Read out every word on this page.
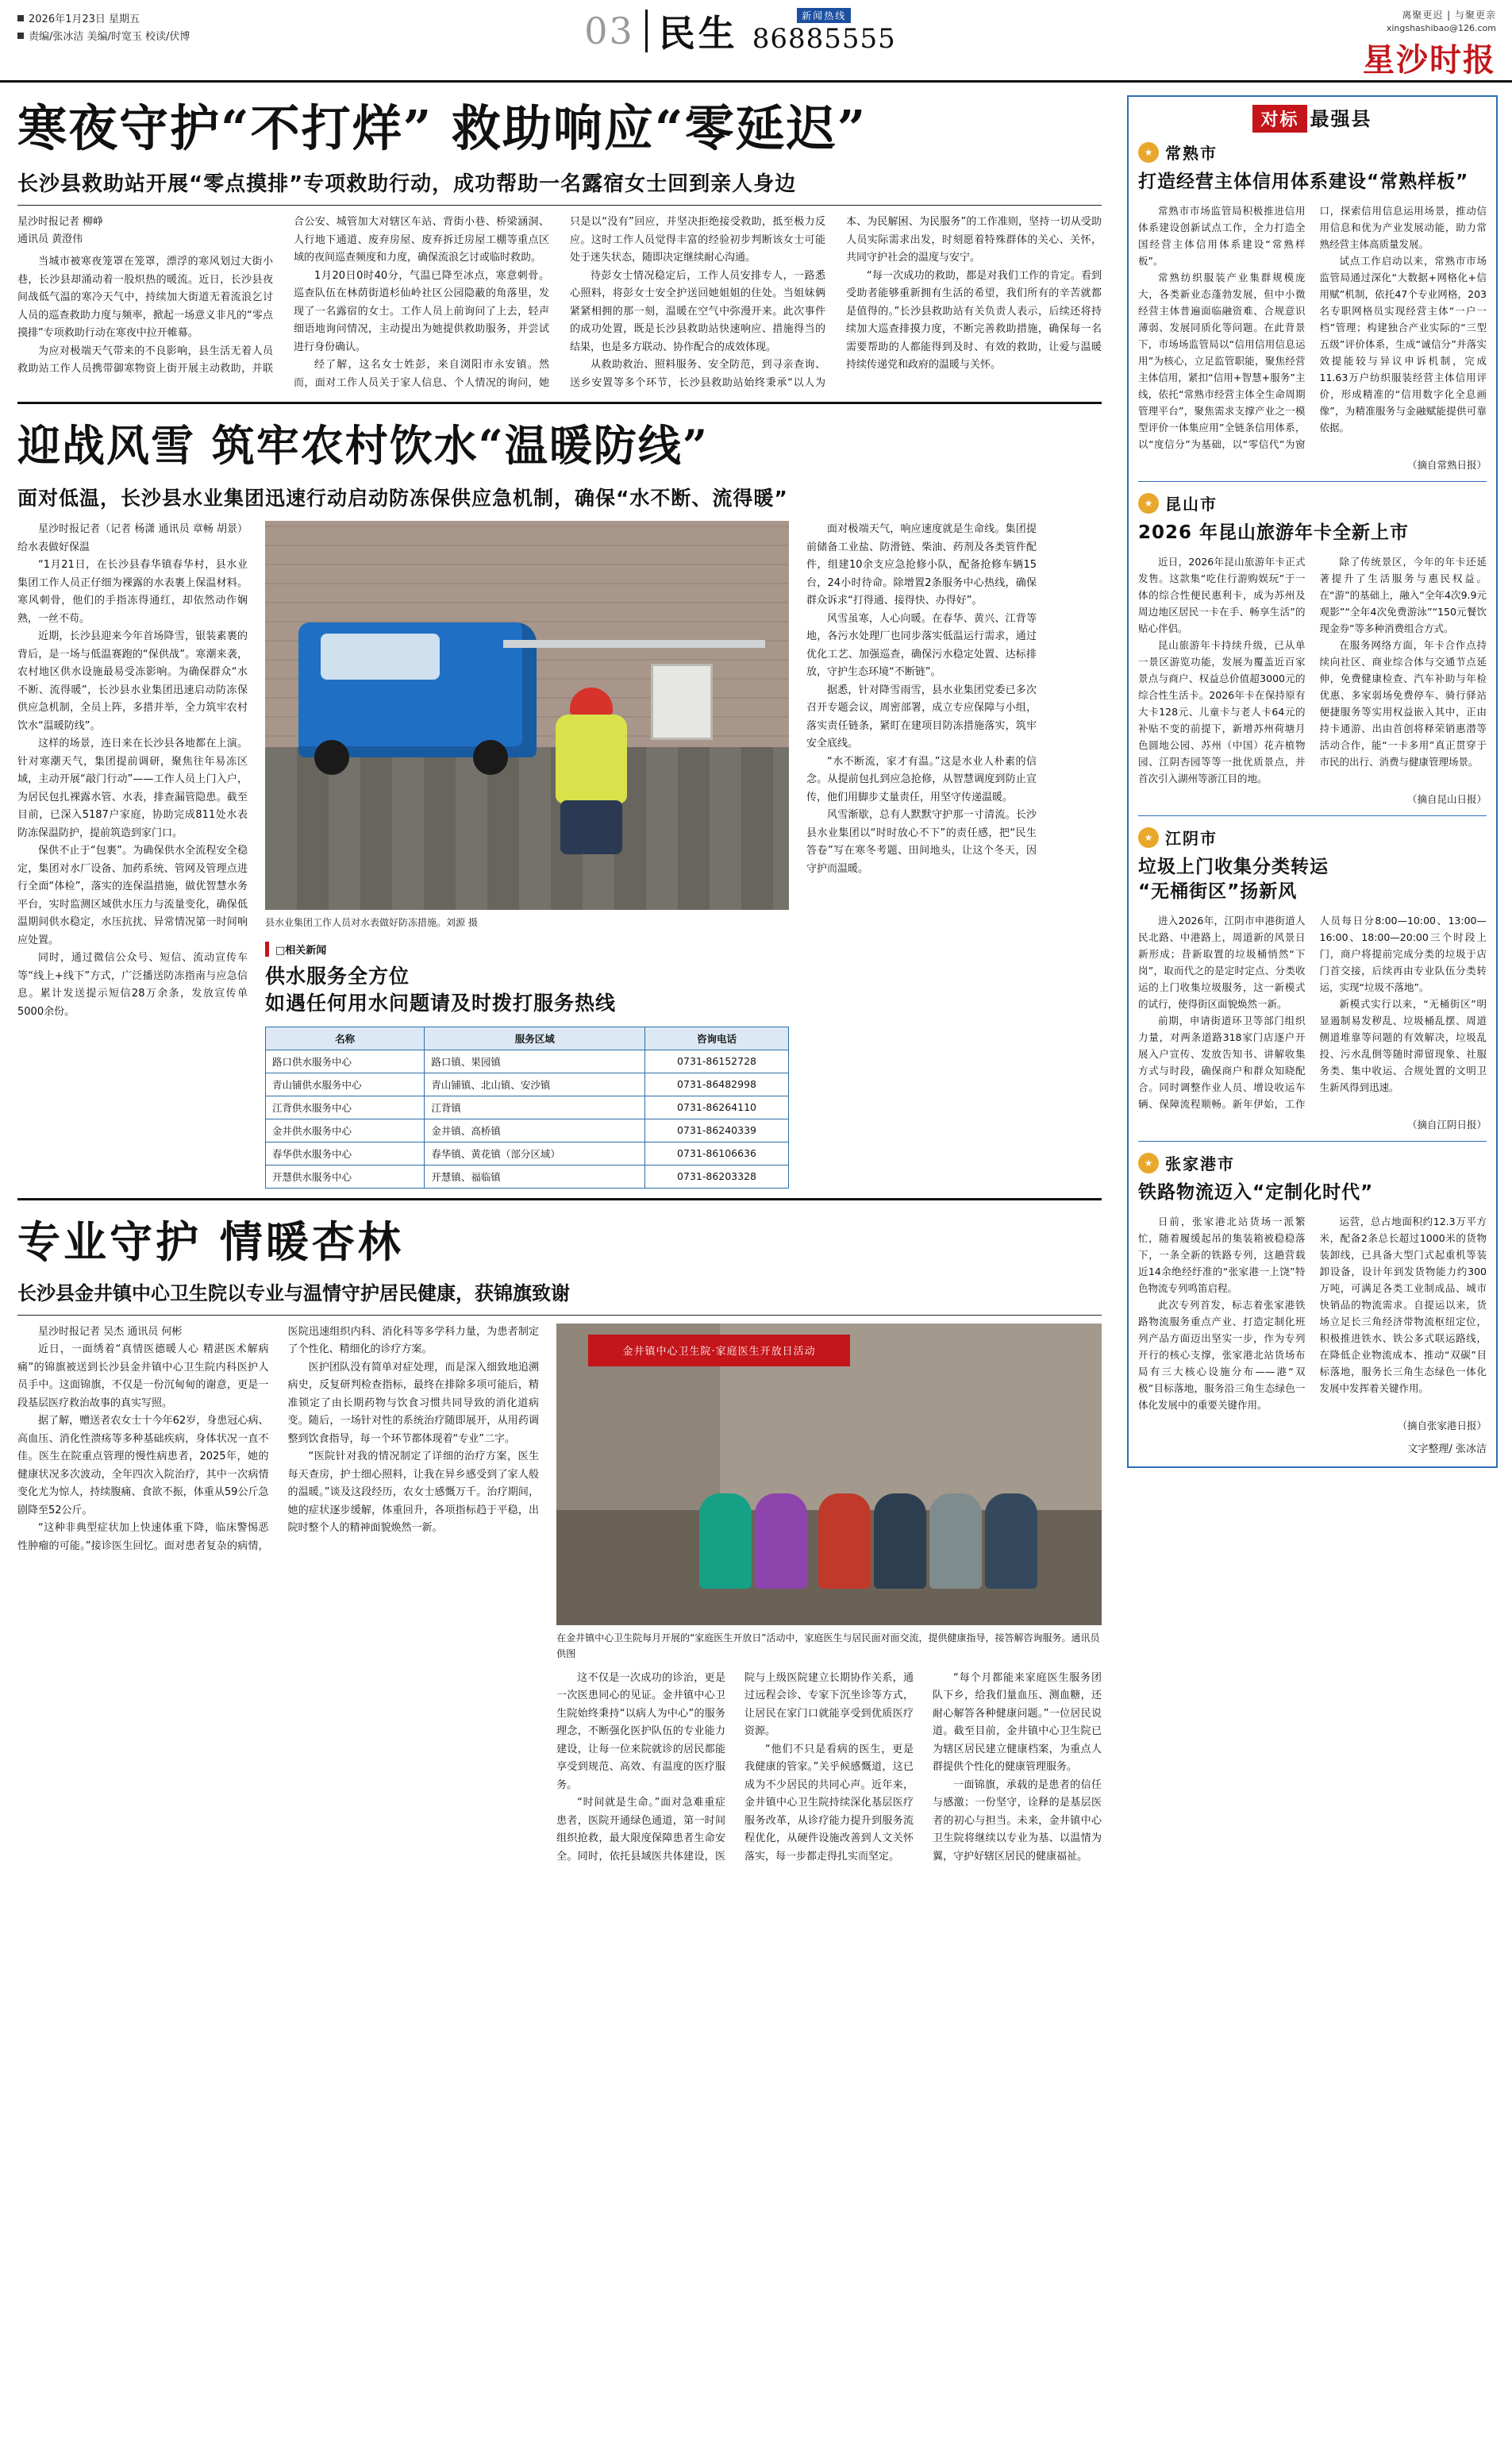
2026年1月23日 星期五
责编/张冰洁 美编/时宽玉 校读/伏博	03 民生	新闻热线
86885555
离聚更迟 | 与聚更亲
xingshashibao@126.com
星沙时报
寒夜守护“不打烊” 救助响应“零延迟”
长沙县救助站开展“零点摸排”专项救助行动，成功帮助一名露宿女士回到亲人身边
星沙时报记者 柳峥
通讯员 黄澄伟

当城市被寒夜笼罩在笼罩，漂浮的寒风划过大街小巷，长沙县却涌动着一股炽热的暖流。近日，长沙县夜间战低气温的寒冷天气中，持续加大街道无着流浪乞讨人员的巡查救助力度与频率，掀起一场意义非凡的“零点摸排”专项救助行动在寒夜中拉开帷幕。

为应对极端天气带来的不良影响，县生活无着人员救助站工作人员携带御寒物资上街开展主动救助，并联合公安、城管加大对辖区车站、背街小巷、桥梁涵洞、人行地下通道、废弃房屋、废弃拆迁房屋工棚等重点区域的夜间巡查频度和力度，确保流浪乞讨或临时救助。

1月20日0时40分，气温已降至冰点，寒意刺骨。巡查队伍在林荫街道杉仙岭社区公园隐蔽的角落里，发现了一名露宿的女士。工作人员上前询问了上去，轻声细语地询问情况，主动提出为她提供救助服务，并尝试进行身份确认。

经了解，这名女士姓彭，来自浏阳市永安镇。然而，面对工作人员关于家人信息、个人情况的询问，她只是以“没有”回应，并坚决拒绝接受救助，抵至极力反应。这时工作人员觉得丰富的经验初步判断该女士可能处于迷失状态，随即决定继续耐心沟通。

待彭女士情况稳定后，工作人员安排专人，一路悉心照料，将彭女士安全护送回她姐姐的住处。当姐妹俩紧紧相拥的那一刻，温暖在空气中弥漫开来。此次事件的成功处置，既是长沙县救助站快速响应、措施得当的结果，也是多方联动、协作配合的成效体现。

从救助救治、照料服务、安全防范，到寻亲查询、送乡安置等多个环节，长沙县救助站始终秉承“以人为本、为民解困、为民服务”的工作准则，坚持一切从受助人员实际需求出发，时刻愿着特殊群体的关心、关怀，共同守护社会的温度与安宁。

“每一次成功的救助，都是对我们工作的肯定。看到受助者能够重新拥有生活的希望，我们所有的辛苦就都是值得的。”长沙县救助站有关负责人表示，后续还将持续加大巡查排摸力度，不断完善救助措施，确保每一名需要帮助的人都能得到及时、有效的救助，让爱与温暖持续传递党和政府的温暖与关怀。

迎战风雪 筑牢农村饮水“温暖防线”
面对低温，长沙县水业集团迅速行动启动防冻保供应急机制，确保“水不断、流得暖”

星沙时报记者（记者 杨潇 通讯员 章畅 胡景）给水表做好保温

“1月21日，在长沙县春华镇春华村，县水业集团工作人员正仔细为裸露的水表裹上保温材料。寒风刺骨，他们的手指冻得通红，却依然动作娴熟，一丝不苟。

近期，长沙县迎来今年首场降雪，银装素裹的背后，是一场与低温赛跑的“保供战”。寒潮来袭，农村地区供水设施最易受冻影响。为确保群众“水不断、流得暖”，长沙县水业集团迅速启动防冻保供应急机制，全员上阵，多措并举，全力筑牢农村饮水“温暖防线”。

这样的场景，连日来在长沙县各地都在上演。针对寒潮天气，集团提前调研，聚焦往年易冻区域，主动开展“敲门行动”——工作人员上门入户，为居民包扎裸露水管、水表，排查漏管隐患。截至目前，已深入5187户家庭，协助完成811处水表防冻保温防护，提前筑造到家门口。

保供不止于“包裹”。为确保供水全流程安全稳定，集团对水厂设备、加药系统、管网及管理点进行全面“体检”，落实的连保温措施，做优智慧水务平台，实时监测区域供水压力与流量变化，确保低温期间供水稳定，水压抗扰、异常情况第一时间响应处置。

同时，通过微信公众号、短信、流动宣传车等“线上+线下”方式，广泛播送防冻指南与应急信息。累计发送提示短信28万余条，发放宣传单5000余份。

县水业集团工作人员对水表做好防冻措施。刘源 摄
□相关新闻
供水服务全方位
如遇任何用水问题请及时拨打服务热线
名称	服务区域	咨询电话
路口供水服务中心	路口镇、果园镇	0731-86152728
青山铺供水服务中心	青山铺镇、北山镇、安沙镇	0731-86482998
江背供水服务中心	江背镇	0731-86264110
金井供水服务中心	金井镇、高桥镇	0731-86240339
春华供水服务中心	春华镇、黄花镇（部分区域）	0731-86106636
开慧供水服务中心	开慧镇、福临镇	0731-86203328

面对极端天气，响应速度就是生命线。集团提前储备工业盐、防滑链、柴油、药剂及各类管件配件，组建10余支应急抢修小队，配备抢修车辆15台，24小时待命。除增置2条服务中心热线，确保群众诉求“打得通、接得快、办得好”。

风雪虽寒，人心向暖。在春华、黄兴、江背等地，各污水处理厂也同步落实低温运行需求，通过优化工艺、加强巡查，确保污水稳定处置、达标排放，守护生态环境“不断链”。

据悉，针对降雪雨雪，县水业集团党委已多次召开专题会议，周密部署，成立专应保障与小组，落实责任链条，紧盯在建项目防冻措施落实，筑牢安全底线。

“水不断流，家才有温。”这是水业人朴素的信念。从提前包扎到应急抢修，从智慧调度到防止宣传，他们用脚步丈量责任，用坚守传递温暖。

风雪渐歇，总有人默默守护那一寸清流。长沙县水业集团以“时时放心不下”的责任感，把“民生答卷”写在寒冬考题、田间地头，让这个冬天，因守护而温暖。

专业守护 情暖杏林
长沙县金井镇中心卫生院以专业与温情守护居民健康，获锦旗致谢

星沙时报记者 吴杰 通讯员 何彬

近日，一面绣着“真情医德暖人心 精湛医术解病痛”的锦旗被送到长沙县金井镇中心卫生院内科医护人员手中。这面锦旗，不仅是一份沉甸甸的谢意，更是一段基层医疗救治故事的真实写照。

据了解，赠送者农女士十今年62岁，身患冠心病、高血压、消化性溃疡等多种基础疾病，身体状况一直不佳。医生在院重点管理的慢性病患者，2025年，她的健康状况多次波动，全年四次入院治疗，其中一次病情变化尤为惊人，持续腹痛、食欲不振，体重从59公斤急剧降至52公斤。

“这种非典型症状加上快速体重下降，临床警惕恶性肿瘤的可能。”接诊医生回忆。面对患者复杂的病情，医院迅速组织内科、消化科等多学科力量，为患者制定了个性化、精细化的诊疗方案。

医护团队没有简单对症处理，而是深入细致地追溯病史，反复研判检查指标，最终在排除多项可能后，精准锁定了由长期药物与饮食习惯共同导致的消化道病变。随后，一场针对性的系统治疗随即展开，从用药调整到饮食指导，每一个环节都体现着“专业”二字。

“医院针对我的情况制定了详细的治疗方案，医生每天查房，护士细心照料，让我在异乡感受到了家人般的温暖。”谈及这段经历，农女士感慨万千。治疗期间，她的症状逐步缓解，体重回升，各项指标趋于平稳，出院时整个人的精神面貌焕然一新。

金井镇中心卫生院·家庭医生开放日活动
在金井镇中心卫生院每月开展的“家庭医生开放日”活动中，家庭医生与居民面对面交流，提供健康指导，接答解咨询服务。通讯员 供图

这不仅是一次成功的诊治，更是一次医患同心的见证。金井镇中心卫生院始终秉持“以病人为中心”的服务理念，不断强化医护队伍的专业能力建设，让每一位来院就诊的居民都能享受到规范、高效、有温度的医疗服务。

“时间就是生命。”面对急难重症患者，医院开通绿色通道，第一时间组织抢救，最大限度保障患者生命安全。同时，依托县域医共体建设，医院与上级医院建立长期协作关系，通过远程会诊、专家下沉坐诊等方式，让居民在家门口就能享受到优质医疗资源。

“他们不只是看病的医生，更是我健康的管家。”关乎候感慨道，这已成为不少居民的共同心声。近年来，金井镇中心卫生院持续深化基层医疗服务改革，从诊疗能力提升到服务流程优化，从硬件设施改善到人文关怀落实，每一步都走得扎实而坚定。

“每个月都能来家庭医生服务团队下乡，给我们量血压、测血糖，还耐心解答各种健康问题。”一位居民说道。截至目前，金井镇中心卫生院已为辖区居民建立健康档案，为重点人群提供个性化的健康管理服务。

一面锦旗，承载的是患者的信任与感激；一份坚守，诠释的是基层医者的初心与担当。未来，金井镇中心卫生院将继续以专业为基、以温情为翼，守护好辖区居民的健康福祉。

对标 最强县
★ 常熟市
打造经营主体信用体系建设“常熟样板”

常熟市市场监管局积极推进信用体系建设创新试点工作，全力打造全国经营主体信用体系建设“常熟样板”。

常熟纺织服装产业集群规模庞大，各类新业态蓬勃发展，但中小微经营主体普遍面临融资难、合规意识薄弱、发展同质化等问题。在此背景下，市场场监管局以“信用信用信息运用”为核心，立足监管职能，聚焦经营主体信用，紧扣“信用+智慧+服务”主线，依托“常熟市经营主体全生命周期管理平台”，聚焦需求支撑产业之一模型评价一体集应用”全链条信用体系，以“度信分”为基础，以“零信代”为窗口，探索信用信息运用场景，推动信用信息和优为产业发展动能，助力常熟经营主体高质量发展。

试点工作启动以来，常熟市市场监管局通过深化“大数据+网格化+信用赋”机制，依托47个专业网格，203名专职网格员实现经营主体“一户一档”管理；构建独合产业实际的“三型五级”评价体系，生成“诚信分”并落实效提能较与异议申诉机制，完成11.63万户纺织服装经营主体信用评价，形成精准的“信用数字化全息画像”，为精准服务与金融赋能提供可靠依据。

（摘自常熟日报）
★ 昆山市
2026 年昆山旅游年卡全新上市

近日，2026年昆山旅游年卡正式发售。这款集“吃住行游购娱玩”于一体的综合性便民惠利卡，成为苏州及周边地区居民一卡在手、畅享生活”的贴心伴侣。

昆山旅游年卡持续升级，已从单一景区游览功能，发展为覆盖近百家景点与商户、权益总价值超3000元的综合性生活卡。2026年卡在保持原有大卡128元、儿童卡与老人卡64元的补贴不变的前提下，新增苏州荷塘月色圆地公园、苏州（中国）花卉植物园、江阴杏园等等一批优质景点，并首次引入湖州等浙江目的地。

除了传统景区，今年的年卡还延著提升了生活服务与惠民权益。在“游”的基础上，融入“全年4次9.9元观影”“全年4次免费游泳”“150元餐饮现金券”等多种消费组合方式。

在服务网络方面，年卡合作点持续向社区、商业综合体与交通节点延伸，免费健康检查、汽车补助与年检优惠、多家弱场免费停车、骑行驿站便捷服务等实用权益嵌入其中，正由持卡通游、出由首创将释荣销惠潜等活动合作，能“一卡多用”真正贯穿于市民的出行、消费与健康管理场景。

（摘自昆山日报）
★ 江阴市
垃圾上门收集分类转运
“无桶街区”扬新风

进入2026年，江阴市申港街道人民北路、中港路上，周道新的风景日新形成；昔新取置的垃圾桶悄然“下岗”，取而代之的是定时定点、分类收运的上门收集垃圾服务，这一新模式的试行，使得街区面貌焕然一新。

前期，申请街道环卫等部门组织力量，对两条道路318家门店逐户开展入户宣传、发放告知书、讲解收集方式与时段，确保商户和群众知晓配合。同时调整作业人员、增设收运车辆、保障流程顺畅。新年伊始，工作人员每日分8:00—10:00、13:00—16:00、18:00—20:00三个时段上门，商户将提前完成分类的垃圾于店门首交接，后续再由专业队伍分类转运，实现“垃圾不落地”。

新模式实行以来，“无桶街区”明显遏制易发秽乱、垃圾桶乱摆、周道侧道堆靠等问题的有效解决，垃圾乱投、污水乱倒等随时滞留现象、社服务类、集中收运、合规处置的文明卫生新风得到迅速。

（摘自江阴日报）
★ 张家港市
铁路物流迈入“定制化时代”

日前，张家港北站货场一派繁忙，随着履缓起吊的集装箱被稳稳落下，一条全新的铁路专列，这趟营载近14余绝经纡准的“张家港一上饶”特色物流专列鸣笛启程。

此次专列首发，标志着张家港铁路物流服务重点产业、打造定制化班列产品方面迈出坚实一步，作为专列开行的核心支撑，张家港北站货场布局有三大核心设施分布——港“双极”目标落地，服务沿三角生态绿色一体化发展中的重要关键作用。

运营，总占地面积约12.3万平方米，配备2条总长超过1000米的货物装卸线，已具备大型门式起重机等装卸设备，设计年到发货物能力约300万吨，可满足各类工业制成品、城市快销品的物流需求。自提运以来，货场立足长三角经济带物流枢纽定位，积极推进铁水、铁公多式联运路线，在降低企业物流成本、推动“双碳”目标落地，服务长三角生态绿色一体化发展中发挥着关键作用。

（摘自张家港日报）
文字整理/ 张冰洁
